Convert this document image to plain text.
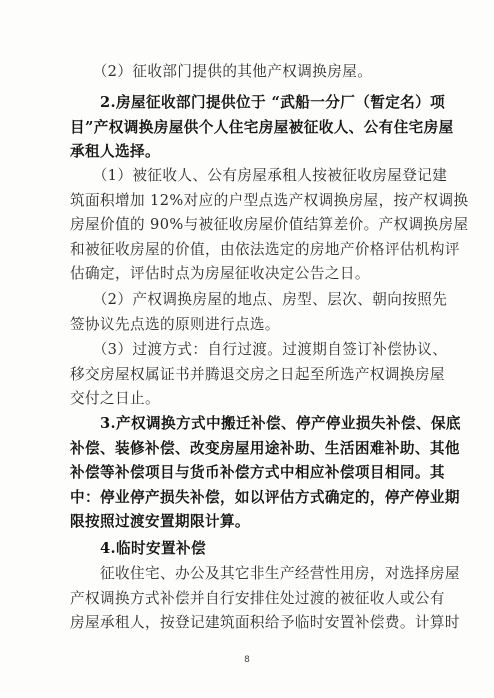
　　（2）征收部门提供的其他产权调换房屋。
　　2.房屋征收部门提供位于 “武船一分厂（暂定名）项
目”产权调换房屋供个人住宅房屋被征收人、公有住宅房屋
承租人选择。
　　（1）被征收人、公有房屋承租人按被征收房屋登记建
筑面积增加 12%对应的户型点选产权调换房屋，按产权调换
房屋价值的 90%与被征收房屋价值结算差价。产权调换房屋
和被征收房屋的价值，由依法选定的房地产价格评估机构评
估确定，评估时点为房屋征收决定公告之日。
　　（2）产权调换房屋的地点、房型、层次、朝向按照先
签协议先点选的原则进行点选。
　　（3）过渡方式：自行过渡。过渡期自签订补偿协议、
移交房屋权属证书并腾退交房之日起至所选产权调换房屋
交付之日止。
　　3.产权调换方式中搬迁补偿、停产停业损失补偿、保底
补偿、装修补偿、改变房屋用途补助、生活困难补助、其他
补偿等补偿项目与货币补偿方式中相应补偿项目相同。其
中：停业停产损失补偿，如以评估方式确定的，停产停业期
限按照过渡安置期限计算。
　　4.临时安置补偿
　　征收住宅、办公及其它非生产经营性用房，对选择房屋
产权调换方式补偿并自行安排住处过渡的被征收人或公有
房屋承租人，按登记建筑面积给予临时安置补偿费。计算时
8
